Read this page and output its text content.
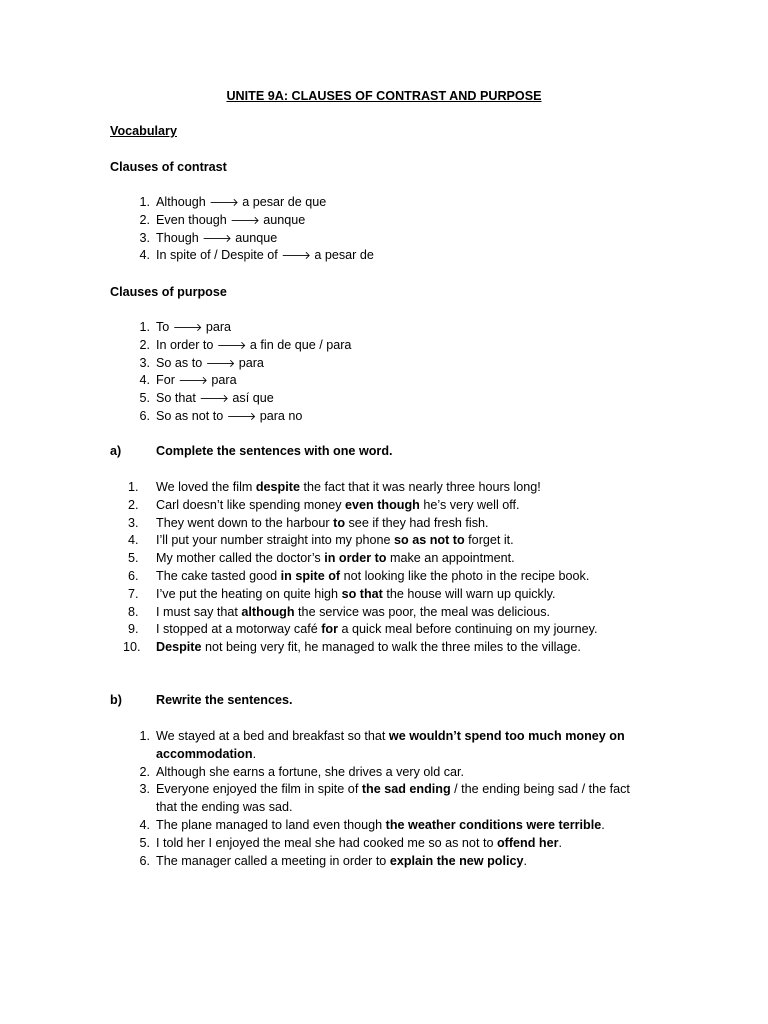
UNITE 9A: CLAUSES OF CONTRAST AND PURPOSE
Vocabulary
Clauses of contrast
1. Although 🡒 a pesar de que
2. Even though 🡒 aunque
3. Though 🡒 aunque
4. In spite of / Despite of 🡒 a pesar de
Clauses of purpose
1. To 🡒 para
2. In order to 🡒 a fin de que / para
3. So as to 🡒 para
4. For 🡒 para
5. So that 🡒 así que
6. So as not to 🡒 para no
a)	Complete the sentences with one word.
1.	We loved the film despite the fact that it was nearly three hours long!
2.	Carl doesn’t like spending money even though he’s very well off.
3.	They went down to the harbour to see if they had fresh fish.
4.	I’ll put your number straight into my phone so as not to forget it.
5.	My mother called the doctor’s in order to make an appointment.
6.	The cake tasted good in spite of not looking like the photo in the recipe book.
7.	I’ve put the heating on quite high so that the house will warn up quickly.
8.	I must say that although the service was poor, the meal was delicious.
9.	I stopped at a motorway café for a quick meal before continuing on my journey.
10.	Despite not being very fit, he managed to walk the three miles to the village.
b)	Rewrite the sentences.
1. We stayed at a bed and breakfast so that we wouldn’t spend too much money on accommodation.
2. Although she earns a fortune, she drives a very old car.
3. Everyone enjoyed the film in spite of the sad ending / the ending being sad / the fact that the ending was sad.
4. The plane managed to land even though the weather conditions were terrible.
5. I told her I enjoyed the meal she had cooked me so as not to offend her.
6. The manager called a meeting in order to explain the new policy.
